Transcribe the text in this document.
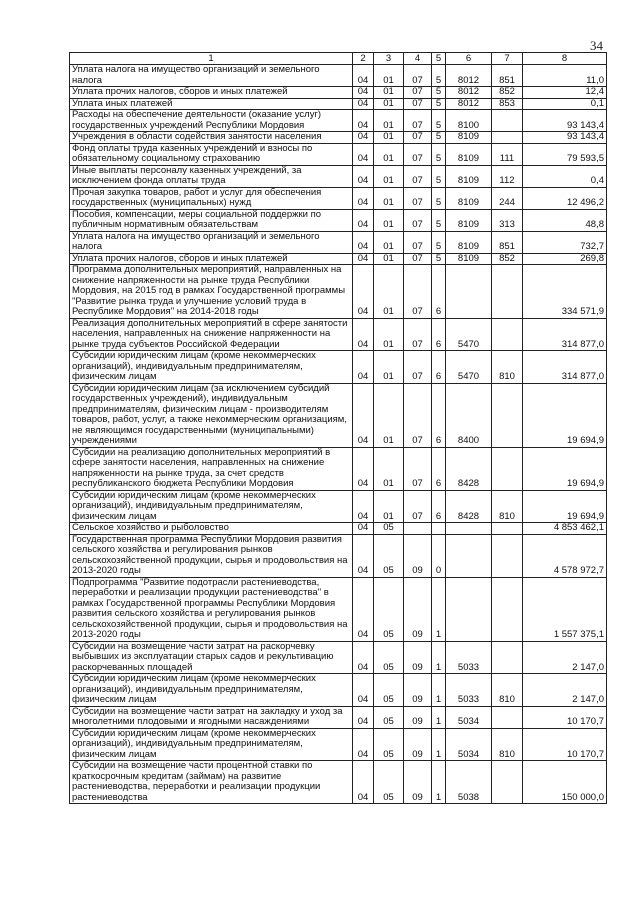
34
1	2	3	4	5	6	7	8
Уплата налога на имущество организаций и земельного налога	04	01	07	5	8012	851	11,0
Уплата прочих налогов, сборов и иных платежей	04	01	07	5	8012	852	12,4
Уплата иных платежей	04	01	07	5	8012	853	0,1
Расходы на обеспечение деятельности (оказание услуг) государственных учреждений Республики Мордовия	04	01	07	5	8100		93 143,4
Учреждения в области содействия занятости населения	04	01	07	5	8109		93 143,4
Фонд оплаты труда казенных учреждений и взносы по обязательному социальному страхованию	04	01	07	5	8109	111	79 593,5
Иные выплаты персоналу казенных учреждений, за исключением фонда оплаты труда	04	01	07	5	8109	112	0,4
Прочая закупка товаров, работ и услуг для обеспечения государственных (муниципальных) нужд	04	01	07	5	8109	244	12 496,2
Пособия, компенсации, меры социальной поддержки по публичным нормативным обязательствам	04	01	07	5	8109	313	48,8
Уплата налога на имущество организаций и земельного налога	04	01	07	5	8109	851	732,7
Уплата прочих налогов, сборов и иных платежей	04	01	07	5	8109	852	269,8
Программа дополнительных мероприятий, направленных на снижение напряженности на рынке труда Республики Мордовия, на 2015 год в рамках Государственной программы "Развитие рынка труда и улучшение условий труда в Республике Мордовия" на 2014-2018 годы	04	01	07	6			334 571,9
Реализация дополнительных мероприятий в сфере занятости населения, направленных на снижение напряженности на рынке труда субъектов Российской Федерации	04	01	07	6	5470		314 877,0
Субсидии юридическим лицам (кроме некоммерческих организаций), индивидуальным предпринимателям, физическим лицам	04	01	07	6	5470	810	314 877,0
Субсидии юридическим лицам (за исключением субсидий государственных учреждений), индивидуальным предпринимателям, физическим лицам - производителям товаров, работ, услуг, а также некоммерческим организациям, не являющимся государственными (муниципальными) учреждениями	04	01	07	6	8400		19 694,9
Субсидии на реализацию дополнительных мероприятий в сфере занятости населения, направленных на снижение напряженности на рынке труда, за счет средств республиканского бюджета Республики Мордовия	04	01	07	6	8428		19 694,9
Субсидии юридическим лицам (кроме некоммерческих организаций), индивидуальным предпринимателям, физическим лицам	04	01	07	6	8428	810	19 694,9
Сельское хозяйство и рыболовство	04	05					4 853 462,1
Государственная программа Республики Мордовия развития сельского хозяйства и регулирования рынков сельскохозяйственной продукции, сырья и продовольствия на 2013-2020 годы	04	05	09	0			4 578 972,7
Подпрограмма "Развитие подотрасли растениеводства, переработки и реализации продукции растениеводства" в рамках Государственной программы Республики Мордовия развития сельского хозяйства и регулирования рынков сельскохозяйственной продукции, сырья и продовольствия на 2013-2020 годы	04	05	09	1			1 557 375,1
Субсидии на возмещение части затрат на раскорчевку выбывших из эксплуатации старых садов и рекультивацию раскорчеванных площадей	04	05	09	1	5033		2 147,0
Субсидии юридическим лицам (кроме некоммерческих организаций), индивидуальным предпринимателям, физическим лицам	04	05	09	1	5033	810	2 147,0
Субсидии на возмещение части затрат на закладку и уход за многолетними плодовыми и ягодными насаждениями	04	05	09	1	5034		10 170,7
Субсидии юридическим лицам (кроме некоммерческих организаций), индивидуальным предпринимателям, физическим лицам	04	05	09	1	5034	810	10 170,7
Субсидии на возмещение части процентной ставки по краткосрочным кредитам (займам) на развитие растениеводства, переработки и реализации продукции растениеводства	04	05	09	1	5038		150 000,0
